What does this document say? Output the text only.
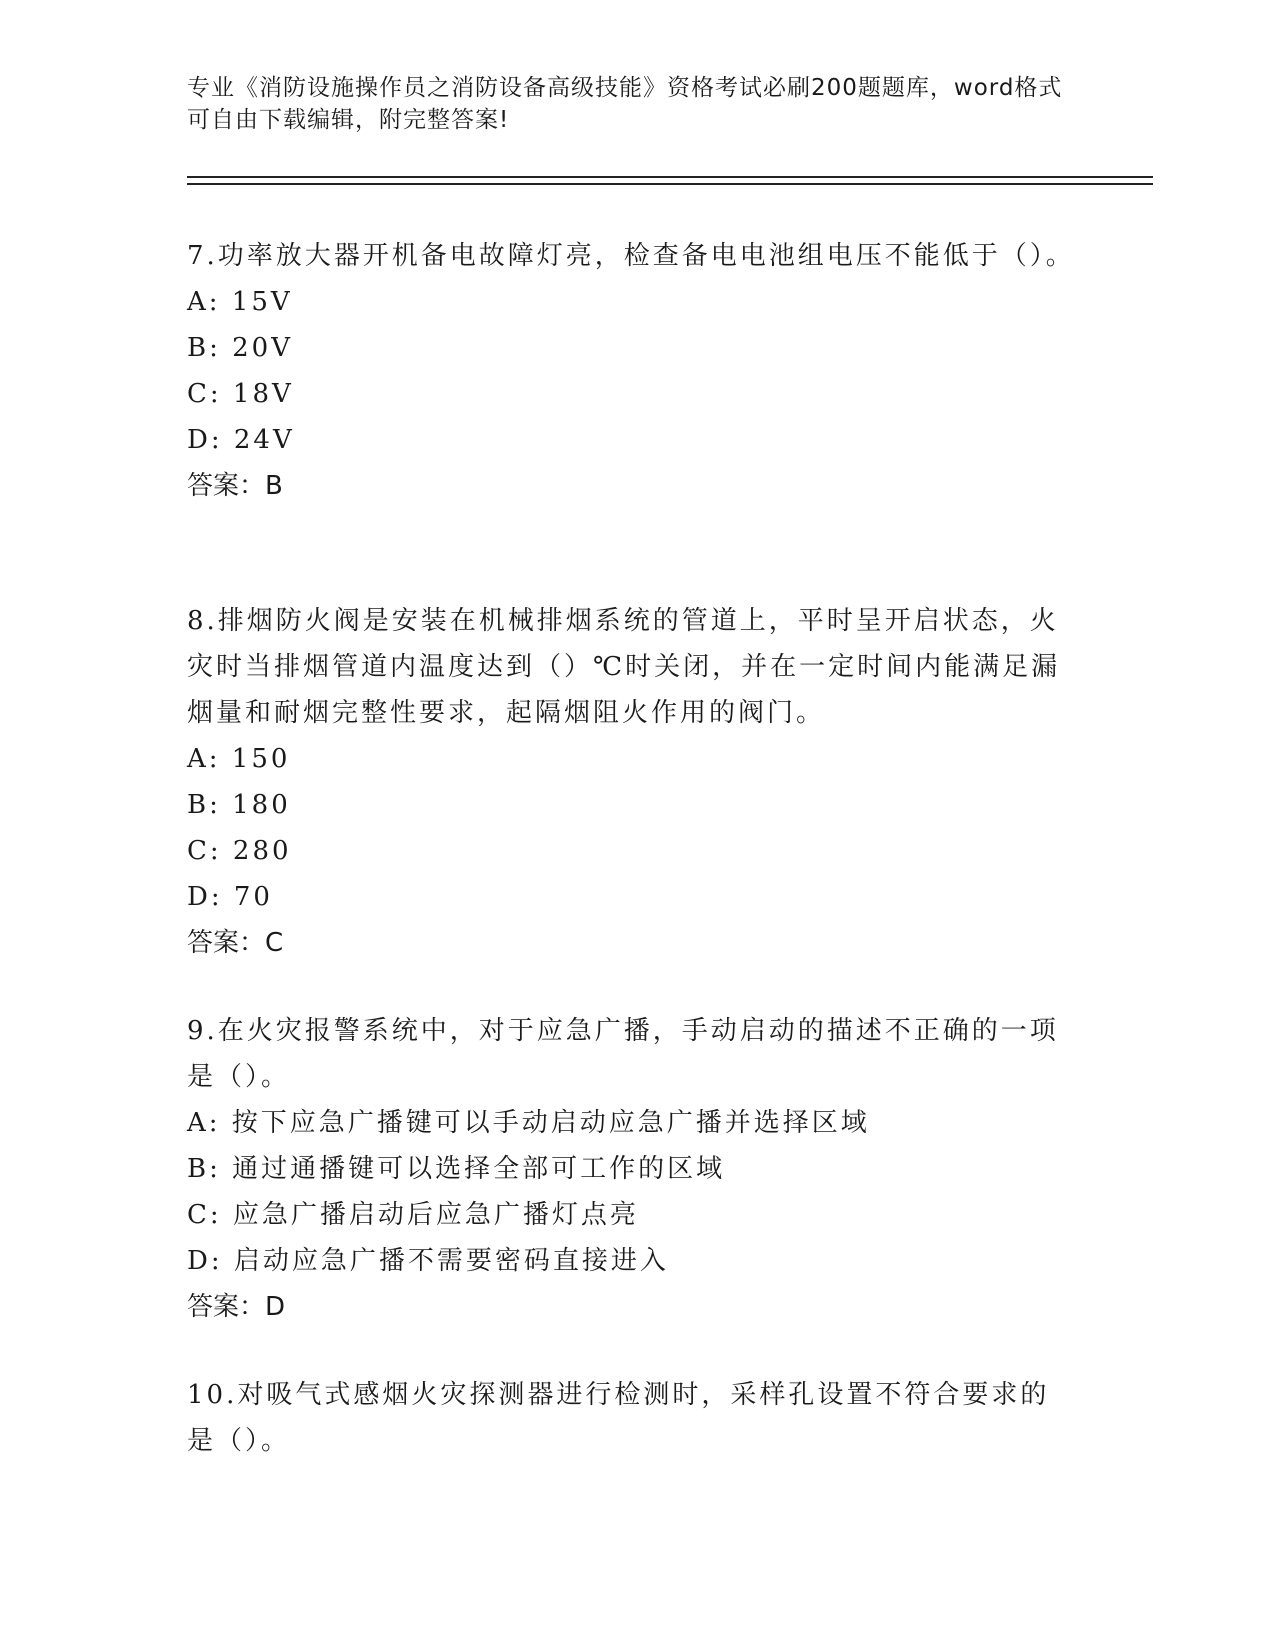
专业《消防设施操作员之消防设备高级技能》资格考试必刷200题题库，word格式可自由下载编辑，附完整答案!

7.功率放大器开机备电故障灯亮，检查备电电池组电压不能低于（）。

A: 15V

B: 20V

C: 18V

D: 24V

答案：B

8.排烟防火阀是安装在机械排烟系统的管道上，平时呈开启状态，火灾时当排烟管道内温度达到（）℃时关闭，并在一定时间内能满足漏烟量和耐烟完整性要求，起隔烟阻火作用的阀门。

A: 150

B: 180

C: 280

D: 70

答案：C

9.在火灾报警系统中，对于应急广播，手动启动的描述不正确的一项是（）。

A: 按下应急广播键可以手动启动应急广播并选择区域

B: 通过通播键可以选择全部可工作的区域

C: 应急广播启动后应急广播灯点亮

D: 启动应急广播不需要密码直接进入

答案：D

10.对吸气式感烟火灾探测器进行检测时，采样孔设置不符合要求的是（）。
